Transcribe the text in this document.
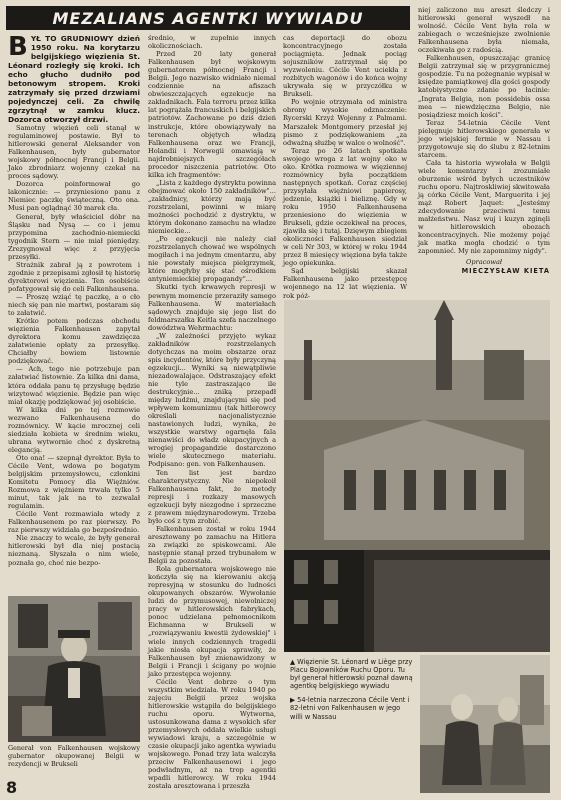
MEZALIANS AGENTKI WYWIADU

BYŁ TO GRUDNIOWY dzień 1950 roku. Na korytarzu belgijskiego więzienia St. Léonard rozległy się kroki. Ich echo głucho dudniło pod betonowym stropem. Kroki zatrzymały się przed drzwiami pojedynczej celi. Za chwilę zgrzytnął w zamku klucz. Dozorca otworzył drzwi.

Samotny więzień celi stanął w regulaminowej postawie. Był to hitlerowski generał Aleksander von Falkenhausen, były gubernator wojskowy północnej Francji i Belgii. Jako zbrodniarz wojenny czekał na proces sądowy.

Dozorca poinformował go lakonicznie: — przyniesiono panu z Niemiec paczkę świąteczną. Oto ona. Musi pan oglądnąć 30 marek cła.

Generał, były właściciel dóbr na Śląsku nad Nysą — co i jemu przypomina zachodnio-niemiecki tygodnik Stern — nie miał pieniędzy. Zrezygnował więc z przyjęcia przesyłki.

Strażnik zabrał ją z powrotem i zgodnie z przepisami zgłosił tę historię dyrektorowi więzienia. Ten osobiście pofatygował się do celi Falkenhausena.

— Proszę wziąć tę paczkę, a o cło niech się pan nie martwi, postaram się to załatwić.

Krótko potem podczas obchodu więzienia Falkenhausen zapytał dyrektora komu zawdzięcza załatwienie opłaty za przesyłkę. Chciałby bowiem listownie podziękować.

— Ach, tego nie potrzebuje pan załatwiać listownie. Za kilka dni dama, która oddała panu tę przysługę będzie wizytować więzienie. Będzie pan więc miał okazję podziękować jej osobiście.

W kilka dni po tej rozmowie wezwano Falkenhausena do rozmównicy. W kącie mrocznej celi siedziała kobieta w średnim wieku, ubrana wytwornie choć z dyskretną elegancją.

Oto ona! — szepnął dyrektor. Była to Cécile Vent, wdowa po bogatym belgijskim przemysłowcu, członkini Komitetu Pomocy dla Więźniów. Rozmowa z więźniem trwała tylko 5 minut, tak jak na to zezwalał regulamin.

Cécile Vent rozmawiała wtedy z Falkenhausenem po raz pierwszy. Po raz pierwszy widziała go bezpośrednio.

Nie znaczy to wcale, że były generał hitlerowski był dla niej postacią nieznaną. Słyszała o nim wiele, poznała go, choć nie bezpo-

Generał von Falkenhausen wojskowy gubernator okupowanej Belgii w rezydencji w Brukseli

średnio, w zupełnie innych okolicznościach.

Przed 20 laty generał Falkenhausen był wojskowym gubernatorem północnej Francji i Belgii. Jego nazwisko widniało niemal codziennie na afiszach obwieszczających egzekucje na zakładnikach. Fala terroru przez kilka lat pogrążała francuskich i belgijskich patriotów. Zachowane po dziś dzień instrukcje, które obowiązywały na terenach objętych władzą Falkenhausena oraz we Francji, Holandii i Norwegii omawiają w najdrobniejszych szczegółach procedor niszczenia patriotów. Oto kilka ich fragmentów:

„Lista z każdego dystryktu powinna obejmować około 150 zakładników"... „zakładnicy, którzy mają być rozstrzelani, powinni w miarę możności pochodzić z dystryktu, w którym dokonano zamachu na władze niemieckie...

„Po egzekucji nie należy ciał rozstrzelanych chować we wspólnych mogiłach i na jednym cmentarzu, aby nie powstały miejsca pielgrzymek, które mogłyby się stać ośrodkiem antyniemieckiej propagandy"...

Skutki tych krwawych represji w pewnym momencie przeraziły samego Falkenhausena. W materiałach sądowych znajduje się jego list do feldmarszałka Keitla szefa naczelnego dowództwa Wehrmachtu:

„W zależności przyjęto wykaz zakładników rozstrzelanych dotychczas na moim obszarze oraz spis incydentów, które były przyczyną egzekucji... Wyniki są niewątpliwie niezadowalające. Odstraszający efekt nie tyle zastraszająco ile destrukcyjnie... zniką przepadł między ludźmi, znajdującymi się pod wpływem komunizmu (tak hitlerowcy określali nacjonalistycznie nastawionych ludzi, wynika, że wszystkie warstwy ogarnęła fala nienawiści do władz okupacyjnych a wrogiej propagandzie dostarczono wiele skutecznego materiału. Podpisano: gen. von Falkenhausen.

Ten list jest bardzo charakterystyczny. Nie niepokoił Falkenhausena fakt, że metody represji i rozkazy masowych egzekucji były niezgodne i sprzeczne z prawem międzynarodowym. Trzeba było coś z tym zrobić.

Falkenhausen został w roku 1944 aresztowany po zamachu na Hitlera za związki ze spiskowcami. Ale następnie stanął przed trybunałem w Belgii za pozostała.

Rola gubernatora wojskowego nie kończyła się na kierowaniu akcją represyjną w stosunku do ludności okupowanych obszarów. Wywołanie ludzi do przymusowej, niewolniczej pracy w hitlerowskich fabrykach, ponoc udzielana pełnomocnikom Eichmanna w Brukseli w „rozwiązywaniu kwestii żydowskiej" i wiele innych codziennych tragedii jakie niosła okupacja sprawiły, że Falkenhausen był znienawidzony w Belgii i Francji i ścigany po wojnie jako przestępca wojenny.

Cécile Vent dobrze o tym wszystkim wiedziała. W roku 1940 po zajęciu Belgii przez wojska hitlerowskie wstąpiła do belgijskiego ruchu oporu. Wytworna, ustosunkowana dama z wysokich sfer przemysłowych oddała wielkie usługi wywiadowi kraju, a szczególnie w czasie okupacji jako agentka wywiadu wojskowego. Ponad trzy lata walczyła przeciw Falkenhausenowi i jego podwładnym, aż na trop agentki wpadli hitlerowcy. W roku 1944 została aresztowana i przeszła

cas deportacji do obozu koncentracyjnego została pociągnięta. Jednak pociąg sojuszników zatrzymał się po wyzwoleniu. Cécile Vent uciekła z rozbitych wagonów i do końca wojny ukrywała się w przyczółku w Brukseli.

Po wojnie otrzymała od ministra obrony wysokie odznaczenie: Rycerski Krzyż Wojenny z Palmami. Marszałek Montgomery przesłał jej pismo z podziękowaniem „za odważną służbę w walce o wolność".

Teraz po 26 latach spotkała swojego wroga z lat wojny oko w oko. Krótka rozmowa w więziennej rozmównicy była początkiem następnych spotkań. Coraz częściej przysyłała więźniowi papierosy, jedzenie, książki i bieliznę. Gdy w roku 1950 Falkenhausena przeniesiono do więzienia w Brukseli, gdzie oczekiwał na proces, zjawiła się i tutaj. Dzięwym zbiegiem okoliczności Falkenhausen siedział w celi Nr 303, w której w roku 1944 przez 8 miesięcy więziona była także jego opiekunka.

Sąd belgijski skazał Falkenhausena jako przestępcę wojennego na 12 lat więzienia. W rok póź-

niej zaliczono mu areszt śledczy i hitlerowski generał wyszedł na wolność. Cécile Vent była rola w zabiegach o wcześniejsze zwolnienie Falkenhausena była niemała, oczekiwała go z radością.

Falkenhausen, opuszczając granicę Belgii zatrzymał się w przygranicznej gospodzie. Tu na pożegnanie wypisał w księdze pamiątkowej dla gości gospody katobiystyczne zdanie po łacinie: „Ingrata Belgia, non possidebis ossa mea — niewdzięczna Belgio, nie posiądziesz moich kości".

Teraz 54-letnia Cécile Vent pielęgnuje hitlerowskiego generała w jego wiejskiej fermie w Nassau i przygotowuje się do ślubu z 82-letnim starcem.

Cała ta historia wywołała w Belgii wiele komentarzy i zrozumiałe oburzenie wśród byłych uczestników ruchu oporu. Najtroskliwiej skwitowała ją córka Cécile Vent, Marguerita i jej mąż Robert Jaquet: „Jesteśmy zdecydowanie przeciwni temu małżeństwu. Nasz wuj i kuzyn zginęli w hitlerowskich obozach koncentracyjnych. Nie możemy pojąć jak matka mogła chodzić o tym zapomnieć. My nie zapomnimy nigdy".

Opracował
MIECZYSŁAW KIETA

▲ Więzienie St. Léonard w Liège przy Placu Bojowników Ruchu Oporu. Tu był generał hitlerowski poznał dawną agentkę belgijskiego wywiadu

▶ 54-letnia narzeczona Cécile Vent i 82-letni von Falkenhausen w jego willi w Nassau

8
